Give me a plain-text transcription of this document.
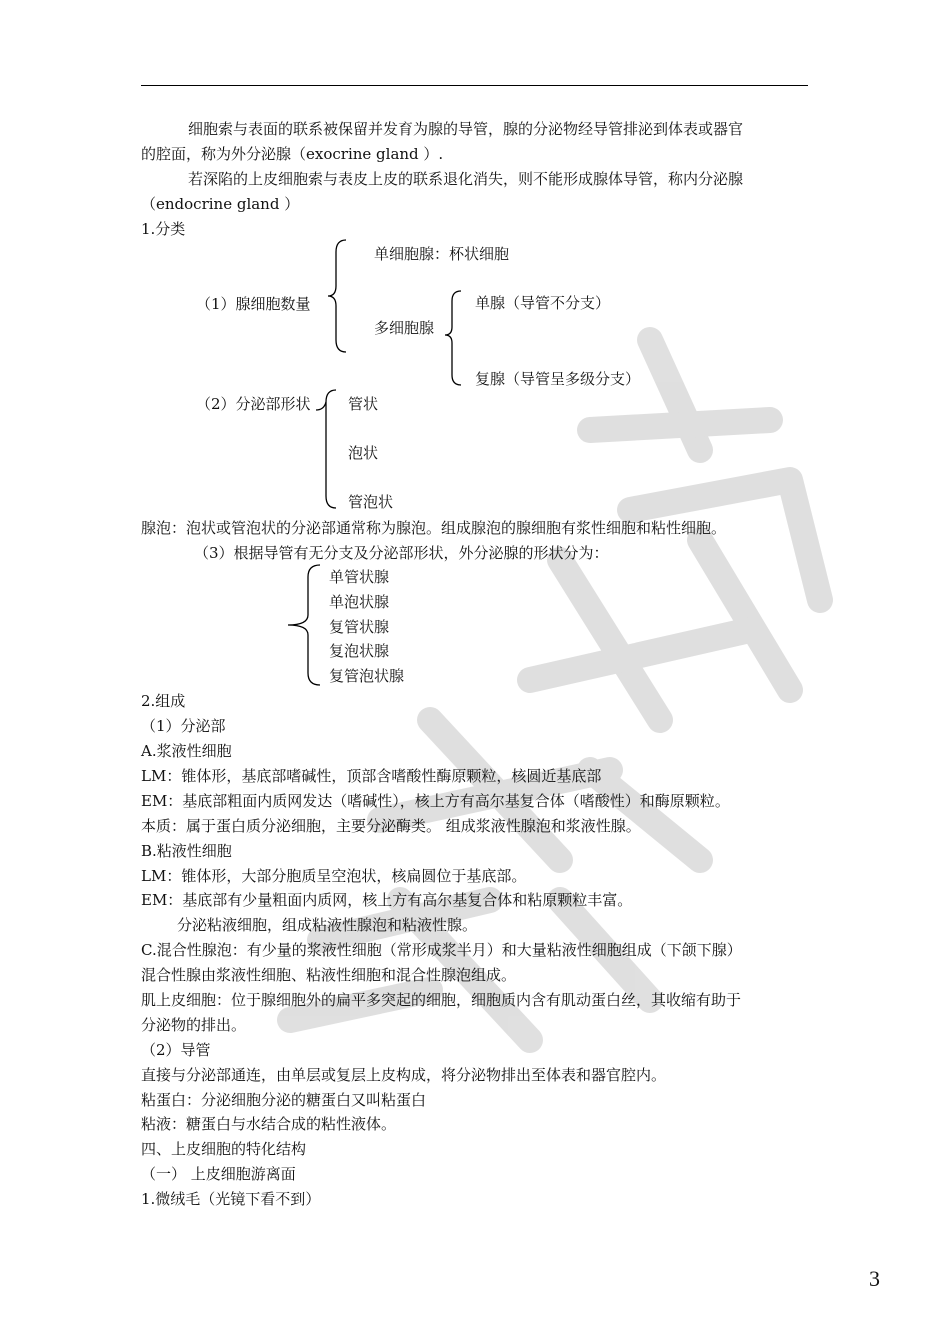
细胞索与表面的联系被保留并发育为腺的导管，腺的分泌物经导管排泌到体表或器官
的腔面，称为外分泌腺（exocrine gland ）.
若深陷的上皮细胞索与表皮上皮的联系退化消失，则不能形成腺体导管，称内分泌腺
（endocrine gland ）
1.分类
单细胞腺：杯状细胞
（1）腺细胞数量
多细胞腺
单腺（导管不分支）
复腺（导管呈多级分支）
（2）分泌部形状 管状
泡状
管泡状
腺泡：泡状或管泡状的分泌部通常称为腺泡。组成腺泡的腺细胞有浆性细胞和粘性细胞。
（3）根据导管有无分支及分泌部形状，外分泌腺的形状分为：
单管状腺
单泡状腺
复管状腺
复泡状腺
复管泡状腺
2.组成
（1）分泌部
A.浆液性细胞
LM：锥体形，基底部嗜碱性，顶部含嗜酸性酶原颗粒，核圆近基底部
EM：基底部粗面内质网发达（嗜碱性），核上方有高尔基复合体（嗜酸性）和酶原颗粒。
本质：属于蛋白质分泌细胞，主要分泌酶类。 组成浆液性腺泡和浆液性腺。
B.粘液性细胞
LM：锥体形，大部分胞质呈空泡状，核扁圆位于基底部。
EM：基底部有少量粗面内质网，核上方有高尔基复合体和粘原颗粒丰富。
分泌粘液细胞，组成粘液性腺泡和粘液性腺。
C.混合性腺泡：有少量的浆液性细胞（常形成浆半月）和大量粘液性细胞组成（下颌下腺）
混合性腺由浆液性细胞、粘液性细胞和混合性腺泡组成。
肌上皮细胞：位于腺细胞外的扁平多突起的细胞，细胞质内含有肌动蛋白丝，其收缩有助于
分泌物的排出。
（2）导管
直接与分泌部通连，由单层或复层上皮构成，将分泌物排出至体表和器官腔内。
粘蛋白：分泌细胞分泌的糖蛋白又叫粘蛋白
粘液：糖蛋白与水结合成的粘性液体。
四、上皮细胞的特化结构
（一） 上皮细胞游离面
1.微绒毛（光镜下看不到）
3
